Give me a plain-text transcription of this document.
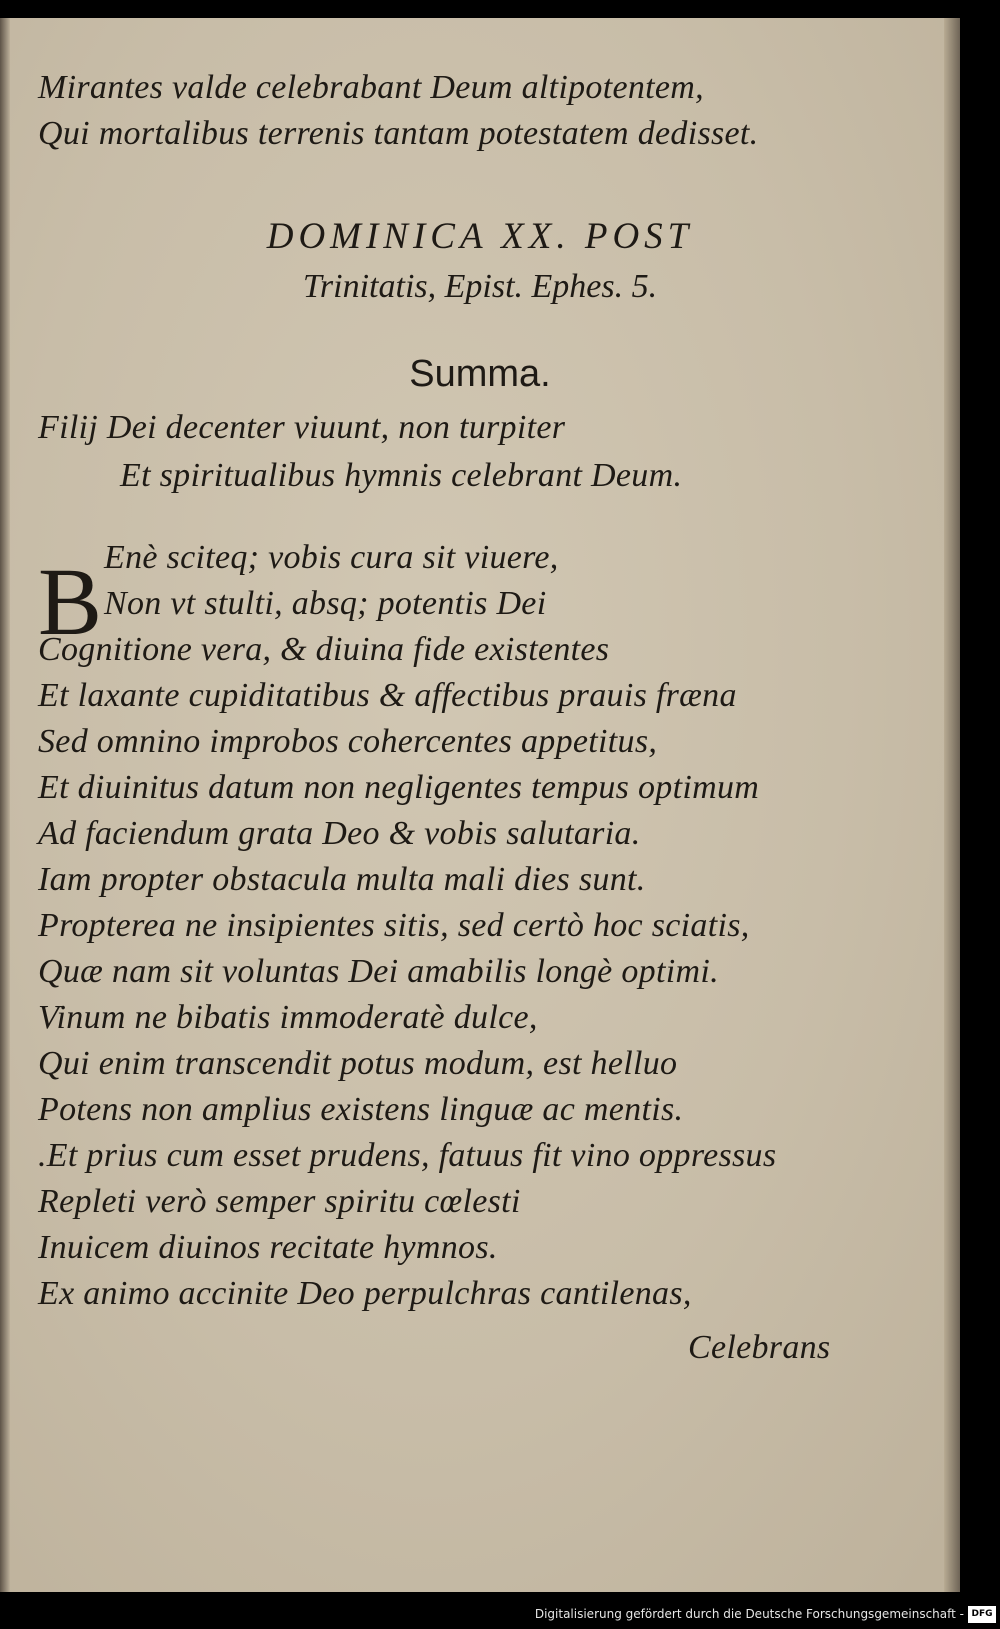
Mirantes valde celebrabant Deum altipotentem,
Qui mortalibus terrenis tantam potestatem dedisset.
DOMINICA XX. POST
Trinitatis, Epist. Ephes. 5.
Summa.
Filij Dei decenter viuunt, non turpiter
Et spiritualibus hymnis celebrant Deum.
B Enè sciteq; vobis cura sit viuere,
Non vt stulti, absq; potentis Dei
Cognitione vera, & diuina fide existentes
Et laxante cupiditatibus & affectibus prauis fræna
Sed omnino improbos cohercentes appetitus,
Et diuinitus datum non negligentes tempus optimum
Ad faciendum grata Deo & vobis salutaria.
Iam propter obstacula multa mali dies sunt.
Propterea ne insipientes sitis, sed certò hoc sciatis,
Quæ nam sit voluntas Dei amabilis longè optimi.
Vinum ne bibatis immoderatè dulce,
Qui enim transcendit potus modum, est helluo
Potens non amplius existens linguæ ac mentis.
.Et prius cum esset prudens, fatuus fit vino oppressus
Repleti verò semper spiritu cœlesti
Inuicem diuinos recitate hymnos.
Ex animo accinite Deo perpulchras cantilenas,
Celebrans
Digitalisierung gefördert durch die Deutsche Forschungsgemeinschaft - DFG
